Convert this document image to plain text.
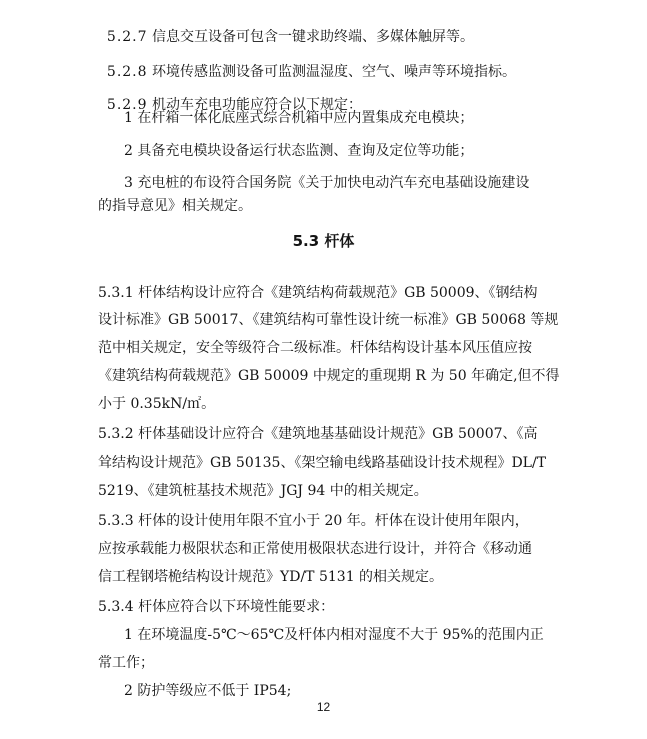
5.2.7 信息交互设备可包含一键求助终端、多媒体触屏等。

5.2.8 环境传感监测设备可监测温湿度、空气、噪声等环境指标。

5.2.9 机动车充电功能应符合以下规定：

1 在杆箱一体化底座式综合机箱中应内置集成充电模块；
2 具备充电模块设备运行状态监测、查询及定位等功能；
3 充电桩的布设符合国务院《关于加快电动汽车充电基础设施建设
的指导意见》相关规定。
5.3 杆体
5.3.1 杆体结构设计应符合《建筑结构荷载规范》GB 50009、《钢结构
设计标准》GB 50017、《建筑结构可靠性设计统一标准》GB 50068 等规
范中相关规定，安全等级符合二级标准。杆体结构设计基本风压值应按
《建筑结构荷载规范》GB 50009 中规定的重现期 R 为 50 年确定,但不得
小于 0.35kN/㎡。
5.3.2 杆体基础设计应符合《建筑地基基础设计规范》GB 50007、《高
耸结构设计规范》GB 50135、《架空输电线路基础设计技术规程》DL/T
5219、《建筑桩基技术规范》JGJ 94 中的相关规定。
5.3.3 杆体的设计使用年限不宜小于 20 年。杆体在设计使用年限内，
应按承载能力极限状态和正常使用极限状态进行设计，并符合《移动通
信工程钢塔桅结构设计规范》YD/T 5131 的相关规定。
5.3.4 杆体应符合以下环境性能要求：
1 在环境温度-5℃～65℃及杆体内相对湿度不大于 95%的范围内正
常工作；
2 防护等级应不低于 IP54;
12
